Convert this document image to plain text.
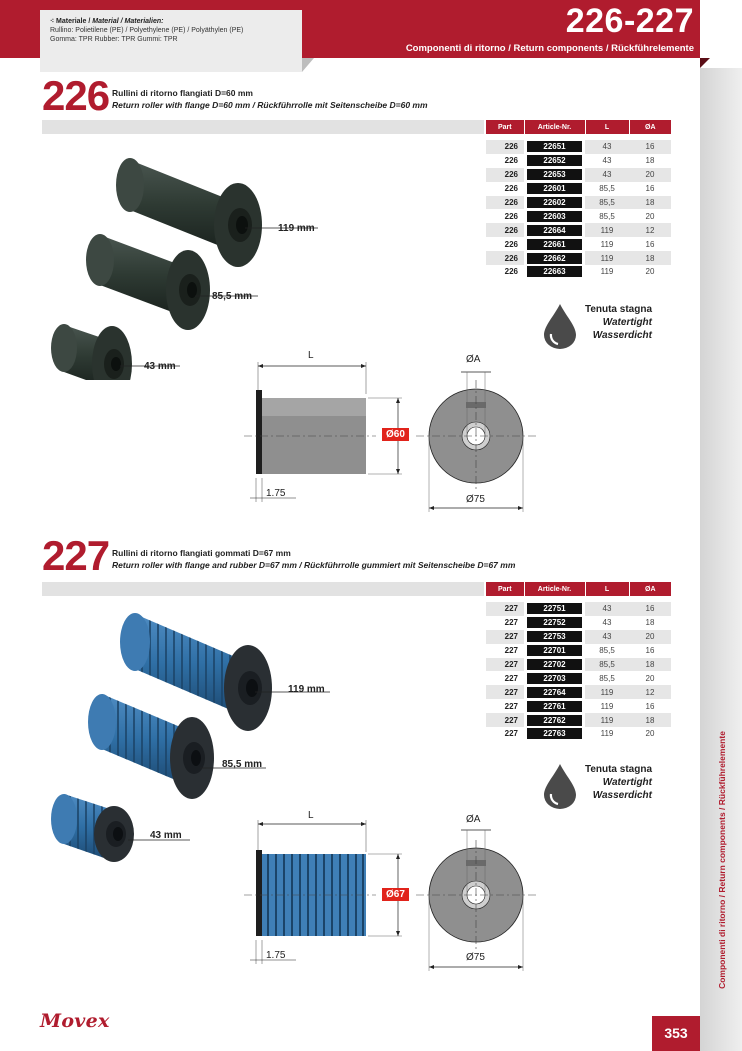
⁖ Materiale / Material / Materialien:
Rullino: Polietilene (PE) / Polyethylene (PE) / Polyäthylen (PE)
Gomma: TPR Rubber: TPR Gummi: TPR	226-227
Componenti di ritorno / Return components / Rückführelemente
Componenti di ritorno / Return components / Rückführelemente
226 Rullini di ritorno flangiati D=60 mm
Return roller with flange D=60 mm / Rückführrolle mit Seitenscheibe D=60 mm
Part	Article-Nr.	L	ØA

226	22651	43	16
226	22652	43	18
226	22653	43	20
226	22601	85,5	16
226	22602	85,5	18
226	22603	85,5	20
226	22664	119	12
226	22661	119	16
226	22662	119	18
226	22663	119	20
Tenuta stagna
Watertight
Wasserdicht
119 mm
85,5 mm
43 mm
L	ØA
Ø60
Ø75
1.75
227 Rullini di ritorno flangiati gommati D=67 mm
Return roller with flange and rubber D=67 mm / Rückführrolle gummiert mit Seitenscheibe D=67 mm
Part	Article-Nr.	L	ØA

227	22751	43	16
227	22752	43	18
227	22753	43	20
227	22701	85,5	16
227	22702	85,5	18
227	22703	85,5	20
227	22764	119	12
227	22761	119	16
227	22762	119	18
227	22763	119	20
Tenuta stagna
Watertight
Wasserdicht
119 mm
85,5 mm
43 mm
L	ØA
Ø67
Ø75
1.75
Movex
353
